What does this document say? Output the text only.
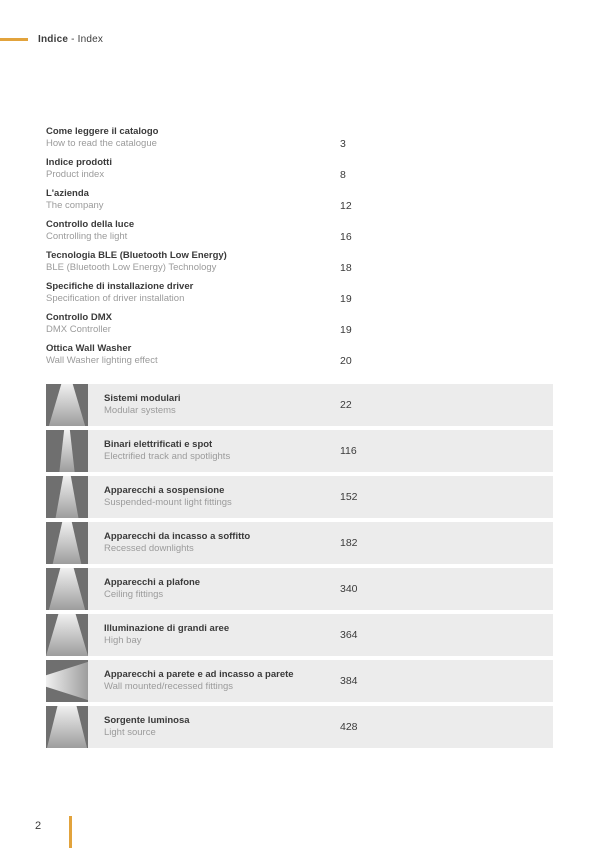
Indice - Index
Come leggere il catalogo
How to read the catalogue	3
Indice prodotti
Product index	8
L'azienda
The company	12
Controllo della luce
Controlling the light	16
Tecnologia BLE (Bluetooth Low Energy)
BLE (Bluetooth Low Energy) Technology	18
Specifiche di installazione driver
Specification of driver installation	19
Controllo DMX
DMX Controller	19
Ottica Wall Washer
Wall Washer lighting effect	20
Sistemi modulari
Modular systems	22
Binari elettrificati e spot
Electrified track and spotlights	116
Apparecchi a sospensione
Suspended-mount light fittings	152
Apparecchi da incasso a soffitto
Recessed downlights	182
Apparecchi a plafone
Ceiling fittings	340
Illuminazione di grandi aree
High bay	364
Apparecchi a parete e ad incasso a parete
Wall mounted/recessed fittings	384
Sorgente luminosa
Light source	428
2
